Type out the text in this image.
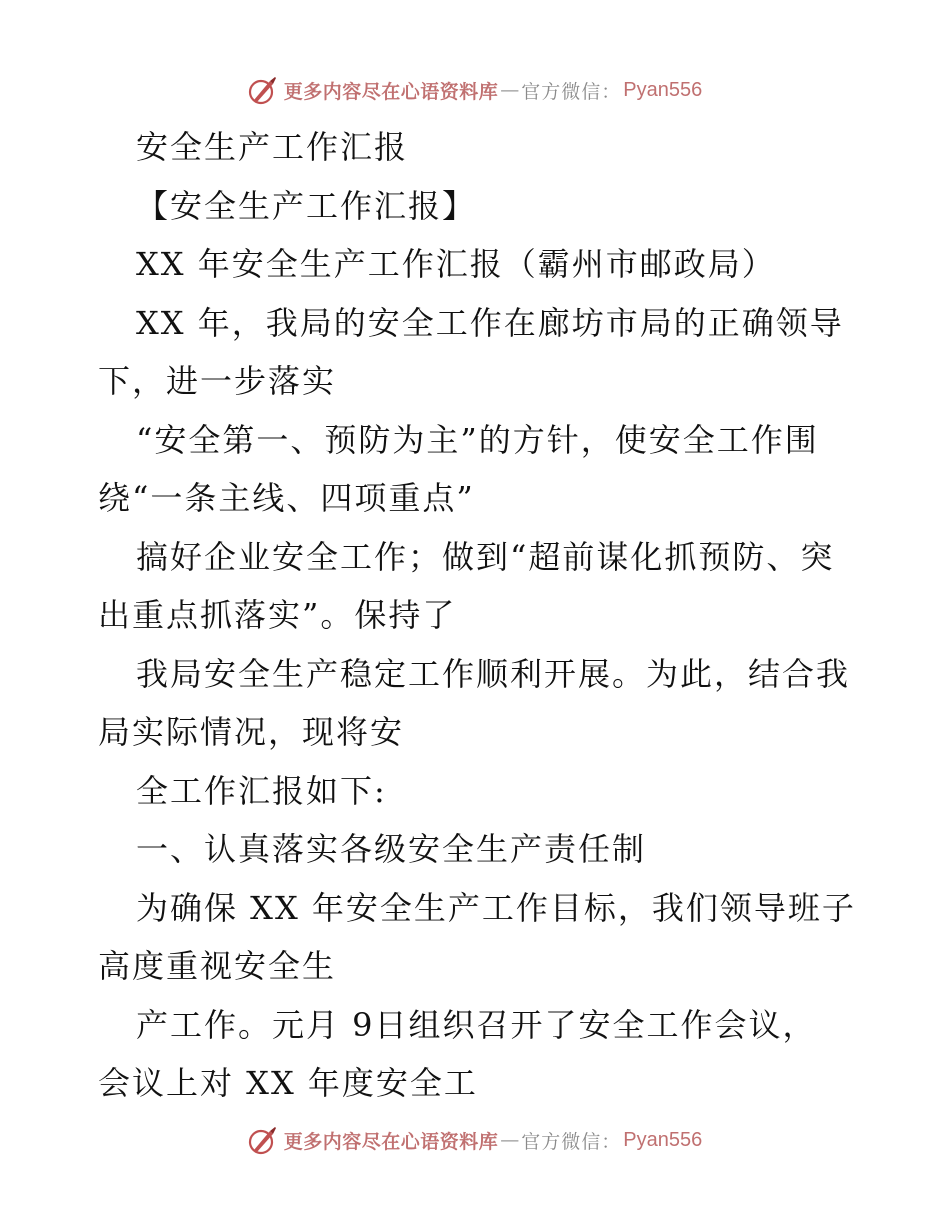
更多内容尽在心语资料库 — 官方微信： Pyan556
安全生产工作汇报
【安全生产工作汇报】
XX 年安全生产工作汇报（霸州市邮政局）
XX 年，我局的安全工作在廊坊市局的正确领导
下，进一步落实
“安全第一、预防为主”的方针，使安全工作围
绕“一条主线、四项重点”
搞好企业安全工作；做到“超前谋化抓预防、突
出重点抓落实”。保持了
我局安全生产稳定工作顺利开展。为此，结合我
局实际情况，现将安
全工作汇报如下:
一、认真落实各级安全生产责任制
为确保 XX 年安全生产工作目标，我们领导班子
高度重视安全生
产工作。元月 9日组织召开了安全工作会议，
会议上对 XX 年度安全工
更多内容尽在心语资料库 — 官方微信： Pyan556
